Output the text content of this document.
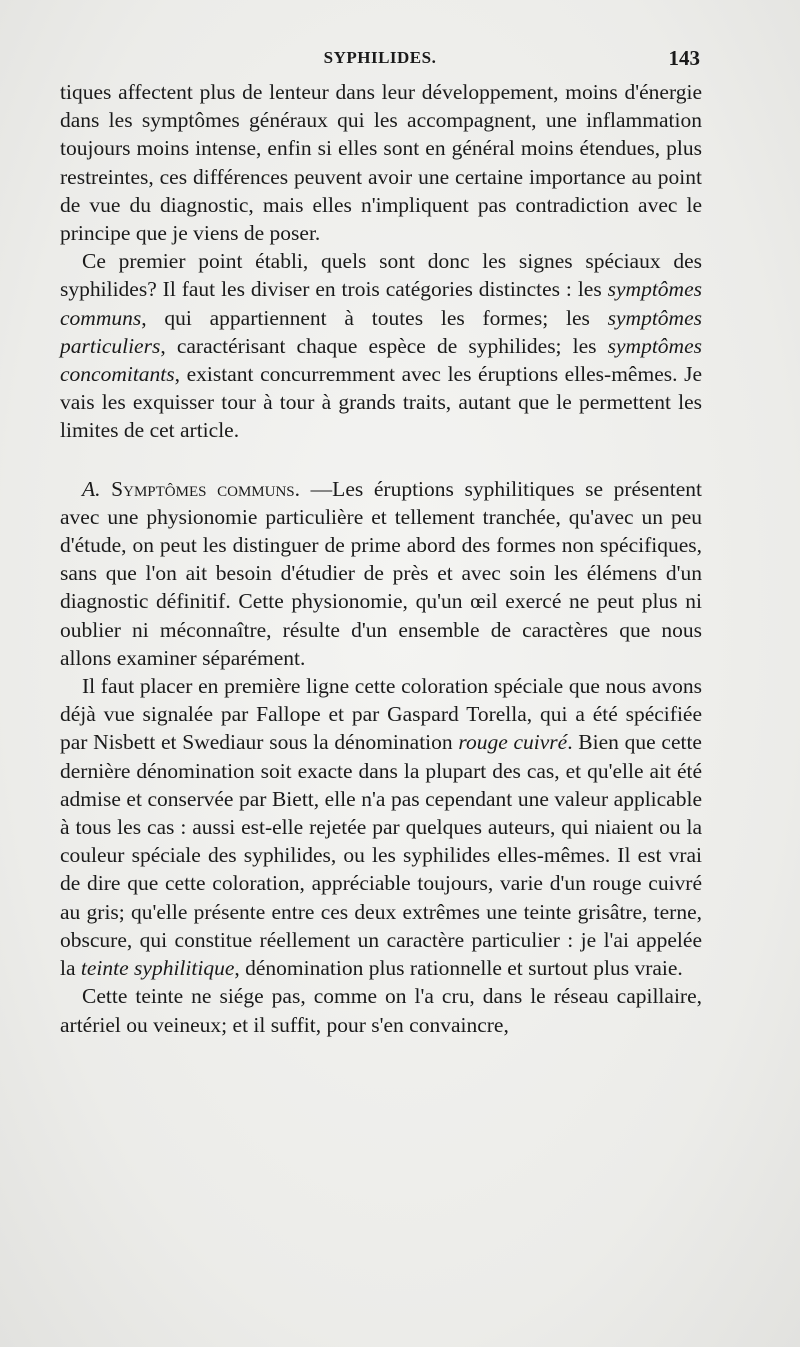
SYPHILIDES.	143

tiques affectent plus de lenteur dans leur développement, moins d'énergie dans les symptômes généraux qui les accompagnent, une inflammation toujours moins intense, enfin si elles sont en général moins étendues, plus restreintes, ces différences peuvent avoir une certaine importance au point de vue du diagnostic, mais elles n'impliquent pas contradiction avec le principe que je viens de poser.

Ce premier point établi, quels sont donc les signes spéciaux des syphilides? Il faut les diviser en trois catégories distinctes : les symptômes communs, qui appartiennent à toutes les formes; les symptômes particuliers, caractérisant chaque espèce de syphilides; les symptômes concomitants, existant concurremment avec les éruptions elles-mêmes. Je vais les exquisser tour à tour à grands traits, autant que le permettent les limites de cet article.

A. Symptômes communs. —Les éruptions syphilitiques se présentent avec une physionomie particulière et tellement tranchée, qu'avec un peu d'étude, on peut les distinguer de prime abord des formes non spécifiques, sans que l'on ait besoin d'étudier de près et avec soin les élémens d'un diagnostic définitif. Cette physionomie, qu'un œil exercé ne peut plus ni oublier ni méconnaître, résulte d'un ensemble de caractères que nous allons examiner séparément.

Il faut placer en première ligne cette coloration spéciale que nous avons déjà vue signalée par Fallope et par Gaspard Torella, qui a été spécifiée par Nisbett et Swediaur sous la dénomination rouge cuivré. Bien que cette dernière dénomination soit exacte dans la plupart des cas, et qu'elle ait été admise et conservée par Biett, elle n'a pas cependant une valeur applicable à tous les cas : aussi est-elle rejetée par quelques auteurs, qui niaient ou la couleur spéciale des syphilides, ou les syphilides elles-mêmes. Il est vrai de dire que cette coloration, appréciable toujours, varie d'un rouge cuivré au gris; qu'elle présente entre ces deux extrêmes une teinte grisâtre, terne, obscure, qui constitue réellement un caractère particulier : je l'ai appelée la teinte syphilitique, dénomination plus rationnelle et surtout plus vraie.

Cette teinte ne siége pas, comme on l'a cru, dans le réseau capillaire, artériel ou veineux; et il suffit, pour s'en convaincre,
